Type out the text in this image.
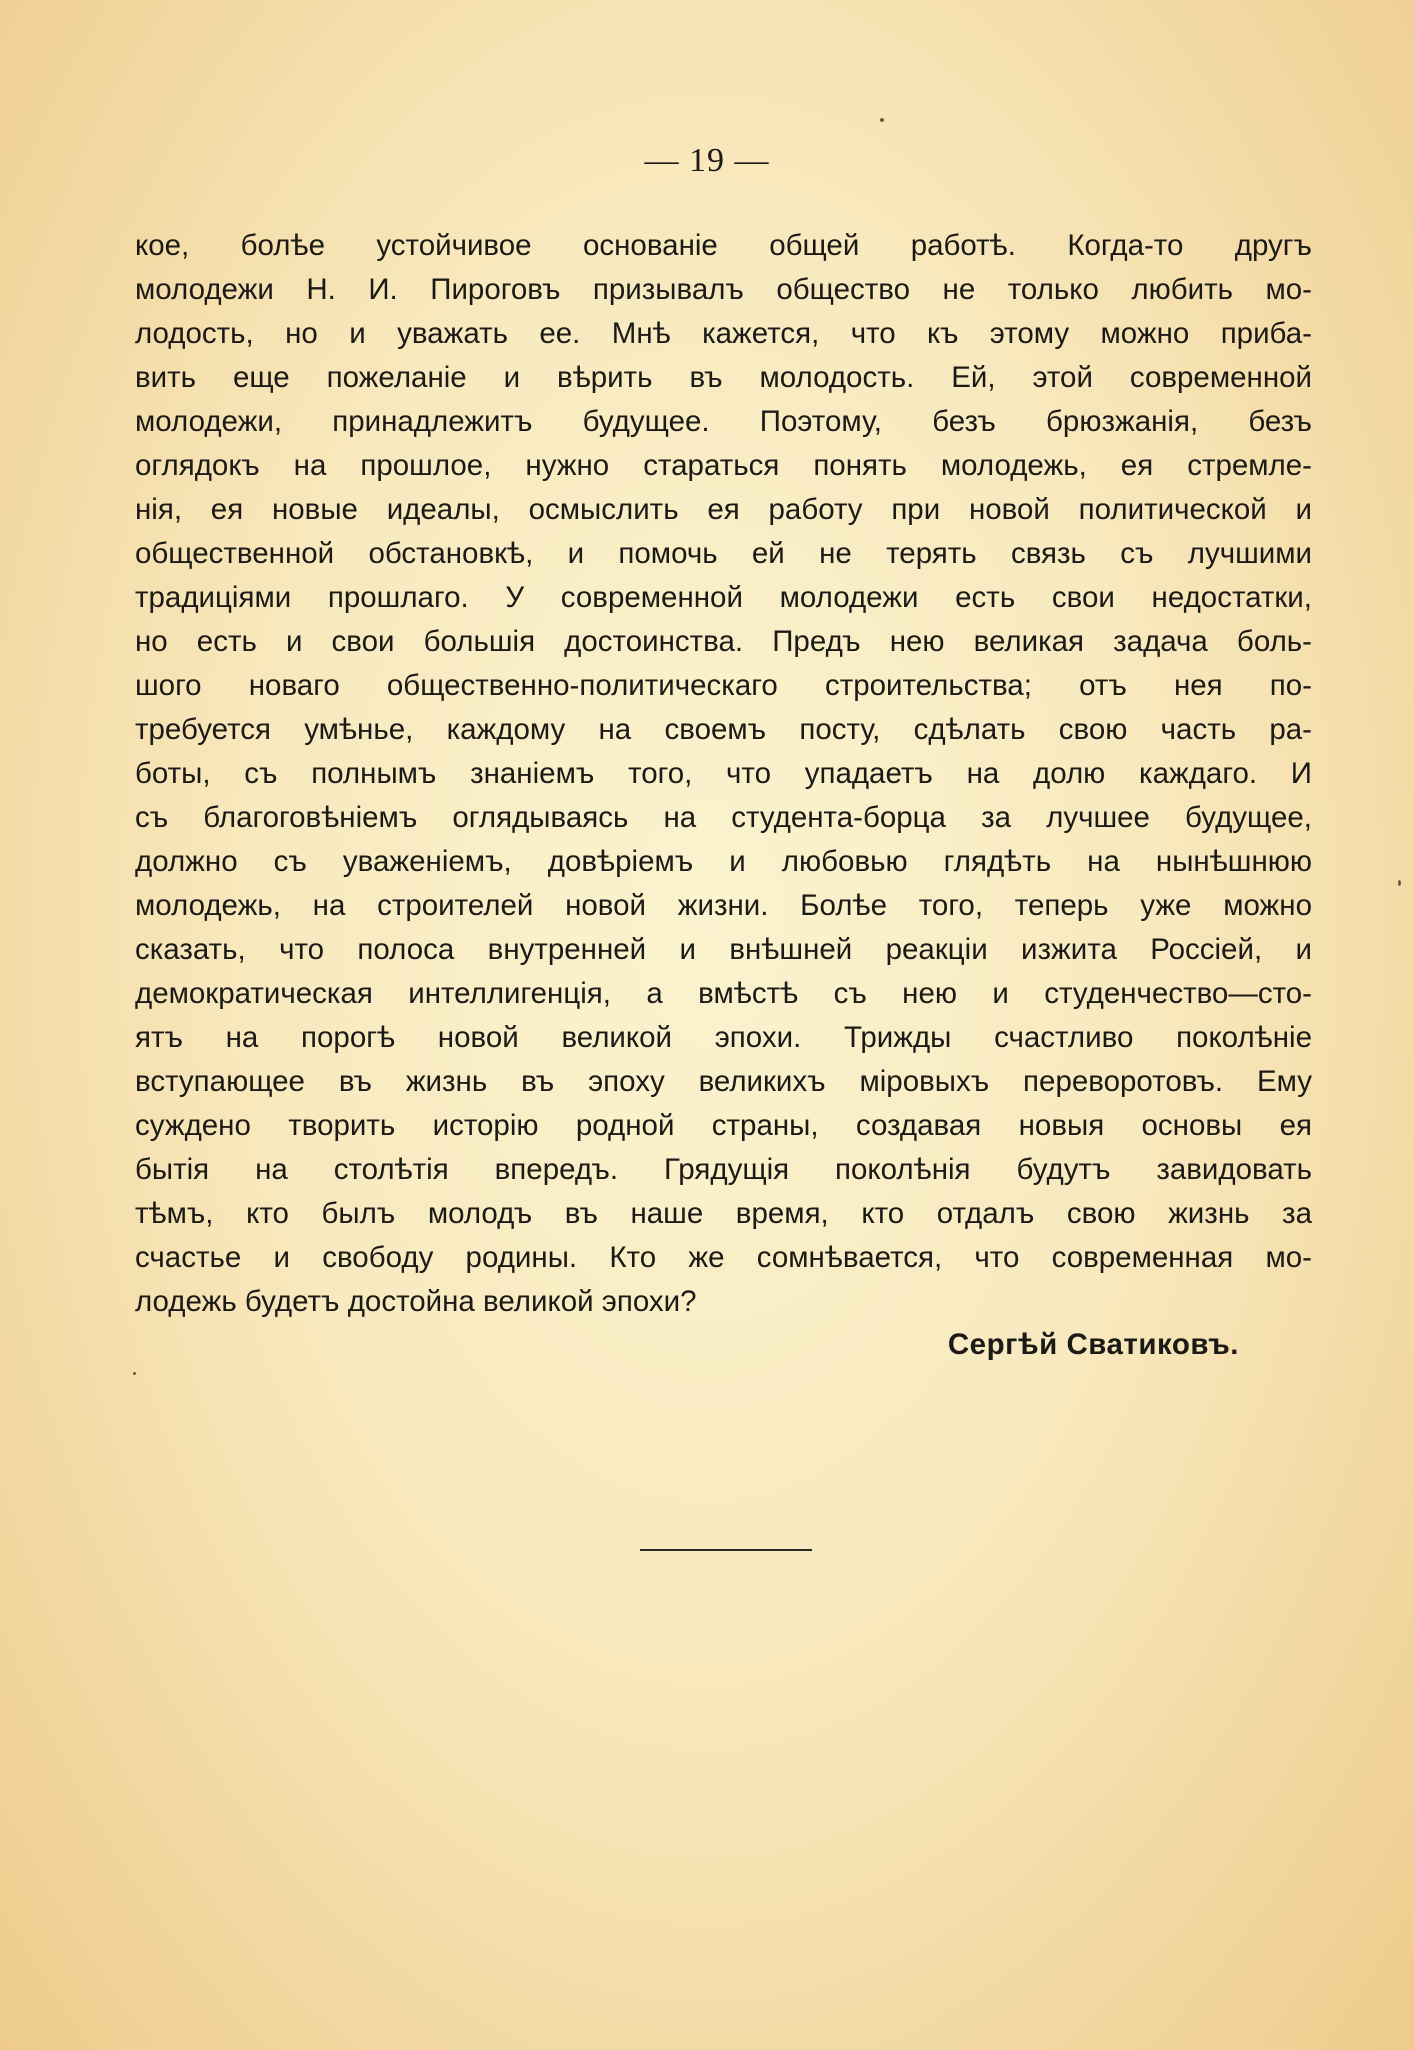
— 19 —
кое, болѣе устойчивое основанiе общей работѣ. Когда-то другъ
молодежи Н. И. Пироговъ призывалъ общество не только любить мо-
лодость, но и уважать ее. Мнѣ кажется, что къ этому можно приба-
вить еще пожеланiе и вѣрить въ молодость. Ей, этой современной
молодежи, принадлежитъ будущее. Поэтому, безъ брюзжанiя, безъ
оглядокъ на прошлое, нужно стараться понять молодежь, ея стремле-
нiя, ея новые идеалы, осмыслить ея работу при новой политической и
общественной обстановкѣ, и помочь ей не терять связь съ лучшими
традицiями прошлаго. У современной молодежи есть свои недостатки,
но есть и свои большiя достоинства. Предъ нею великая задача боль-
шого новаго общественно-политическаго строительства; отъ нея по-
требуется умѣнье, каждому на своемъ посту, сдѣлать свою часть ра-
боты, съ полнымъ знанiемъ того, что упадаетъ на долю каждаго. И
съ благоговѣнiемъ оглядываясь на студента-борца за лучшее будущее,
должно съ уваженiемъ, довѣрiемъ и любовью глядѣть на нынѣшнюю
молодежь, на строителей новой жизни. Болѣе того, теперь уже можно
сказать, что полоса внутренней и внѣшней реакцiи изжита Россiей, и
демократическая интеллигенцiя, а вмѣстѣ съ нею и студенчество—сто-
ятъ на порогѣ новой великой эпохи. Трижды счастливо поколѣнiе
вступающее въ жизнь въ эпоху великихъ мiровыхъ переворотовъ. Ему
суждено творить исторiю родной страны, создавая новыя основы ея
бытiя на столѣтiя впередъ. Грядущiя поколѣнiя будутъ завидовать
тѣмъ, кто былъ молодъ въ наше время, кто отдалъ свою жизнь за
счастье и свободу родины. Кто же сомнѣвается, что современная мо-
лодежь будетъ достойна великой эпохи?
Сергѣй Сватиковъ.
